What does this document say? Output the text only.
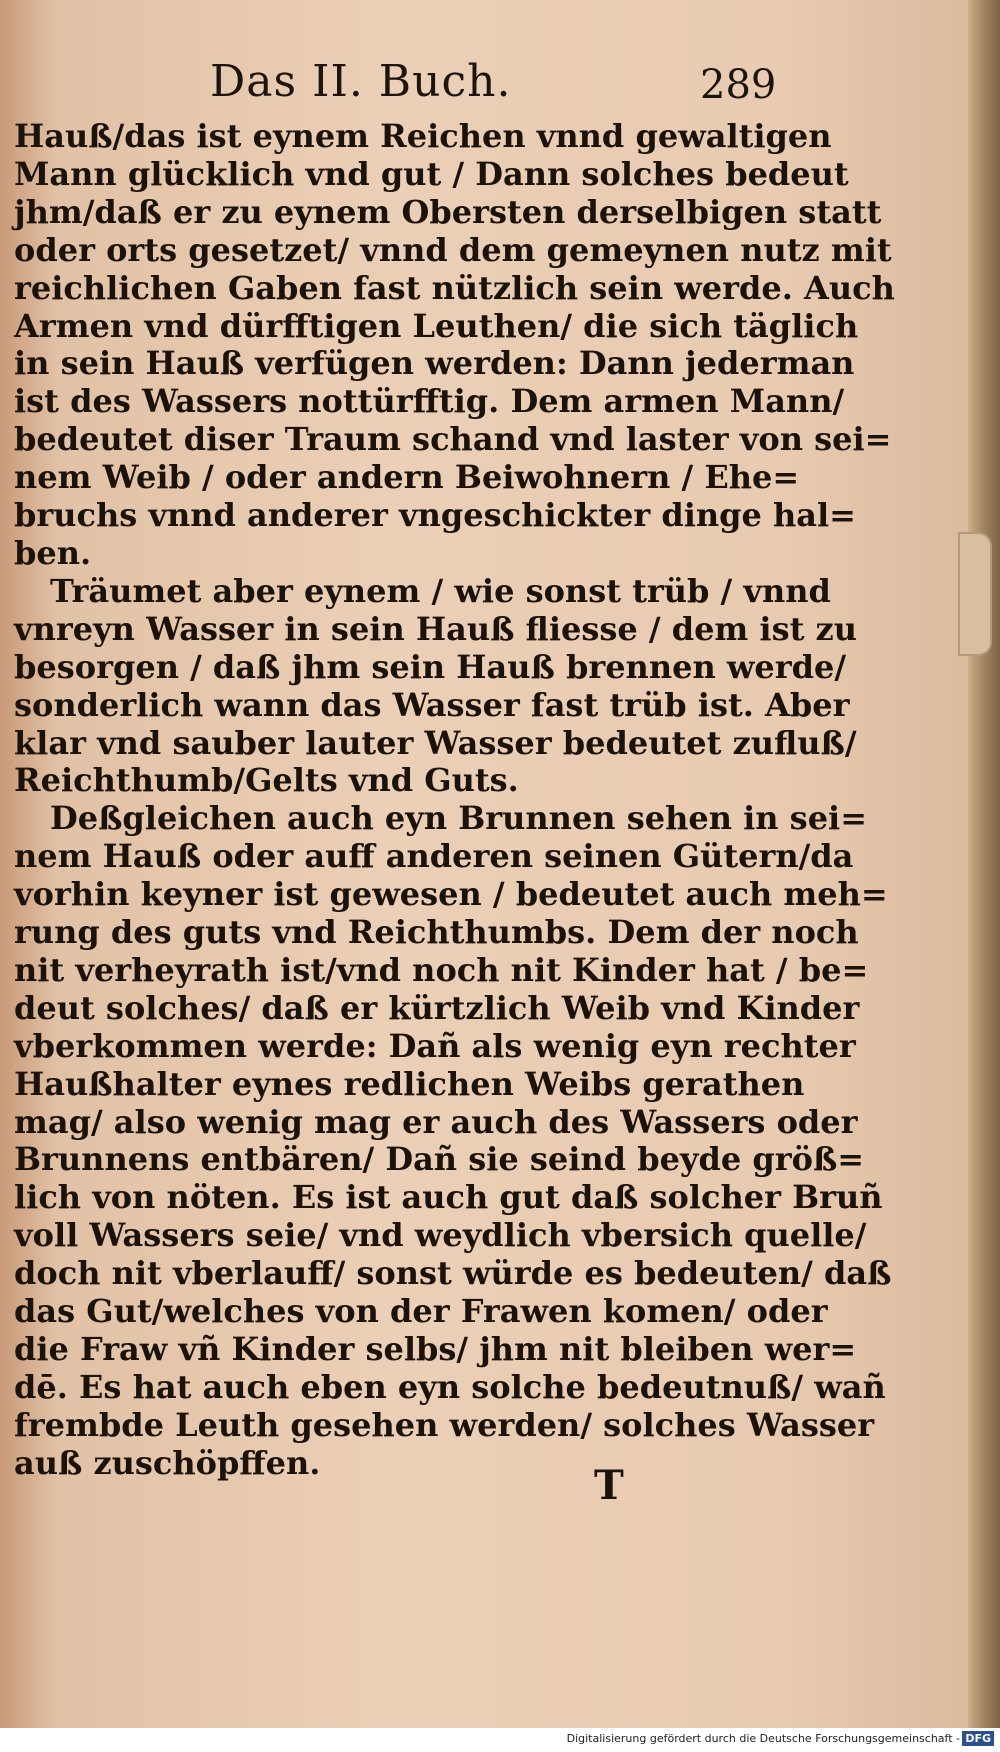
Das II. Buch.	289
Hauß/das ist eynem Reichen vnnd gewaltigen
Mann glücklich vnd gut / Dann solches bedeut
jhm/daß er zu eynem Obersten derselbigen statt
oder orts gesetzet/ vnnd dem gemeynen nutz mit
reichlichen Gaben fast nützlich sein werde. Auch
Armen vnd dürfftigen Leuthen/ die sich täglich
in sein Hauß verfügen werden: Dann jederman
ist des Wassers nottürfftig. Dem armen Mann/
bedeutet diser Traum schand vnd laster von sei=
nem Weib / oder andern Beiwohnern / Ehe=
bruchs vnnd anderer vngeschickter dinge hal=
ben.
Träumet aber eynem / wie sonst trüb / vnnd
vnreyn Wasser in sein Hauß fliesse / dem ist zu
besorgen / daß jhm sein Hauß brennen werde/
sonderlich wann das Wasser fast trüb ist. Aber
klar vnd sauber lauter Wasser bedeutet zufluß/
Reichthumb/Gelts vnd Guts.
Deßgleichen auch eyn Brunnen sehen in sei=
nem Hauß oder auff anderen seinen Gütern/da
vorhin keyner ist gewesen / bedeutet auch meh=
rung des guts vnd Reichthumbs. Dem der noch
nit verheyrath ist/vnd noch nit Kinder hat / be=
deut solches/ daß er kürtzlich Weib vnd Kinder
vberkommen werde: Dañ als wenig eyn rechter
Haußhalter eynes redlichen Weibs gerathen
mag/ also wenig mag er auch des Wassers oder
Brunnens entbären/ Dañ sie seind beyde größ=
lich von nöten. Es ist auch gut daß solcher Bruñ
voll Wassers seie/ vnd weydlich vbersich quelle/
doch nit vberlauff/ sonst würde es bedeuten/ daß
das Gut/welches von der Frawen komen/ oder
die Fraw vñ Kinder selbs/ jhm nit bleiben wer=
dē. Es hat auch eben eyn solche bedeutnuß/ wañ
frembde Leuth gesehen werden/ solches Wasser
auß zuschöpffen.	T
Digitalisierung gefördert durch die Deutsche Forschungsgemeinschaft - DFG
